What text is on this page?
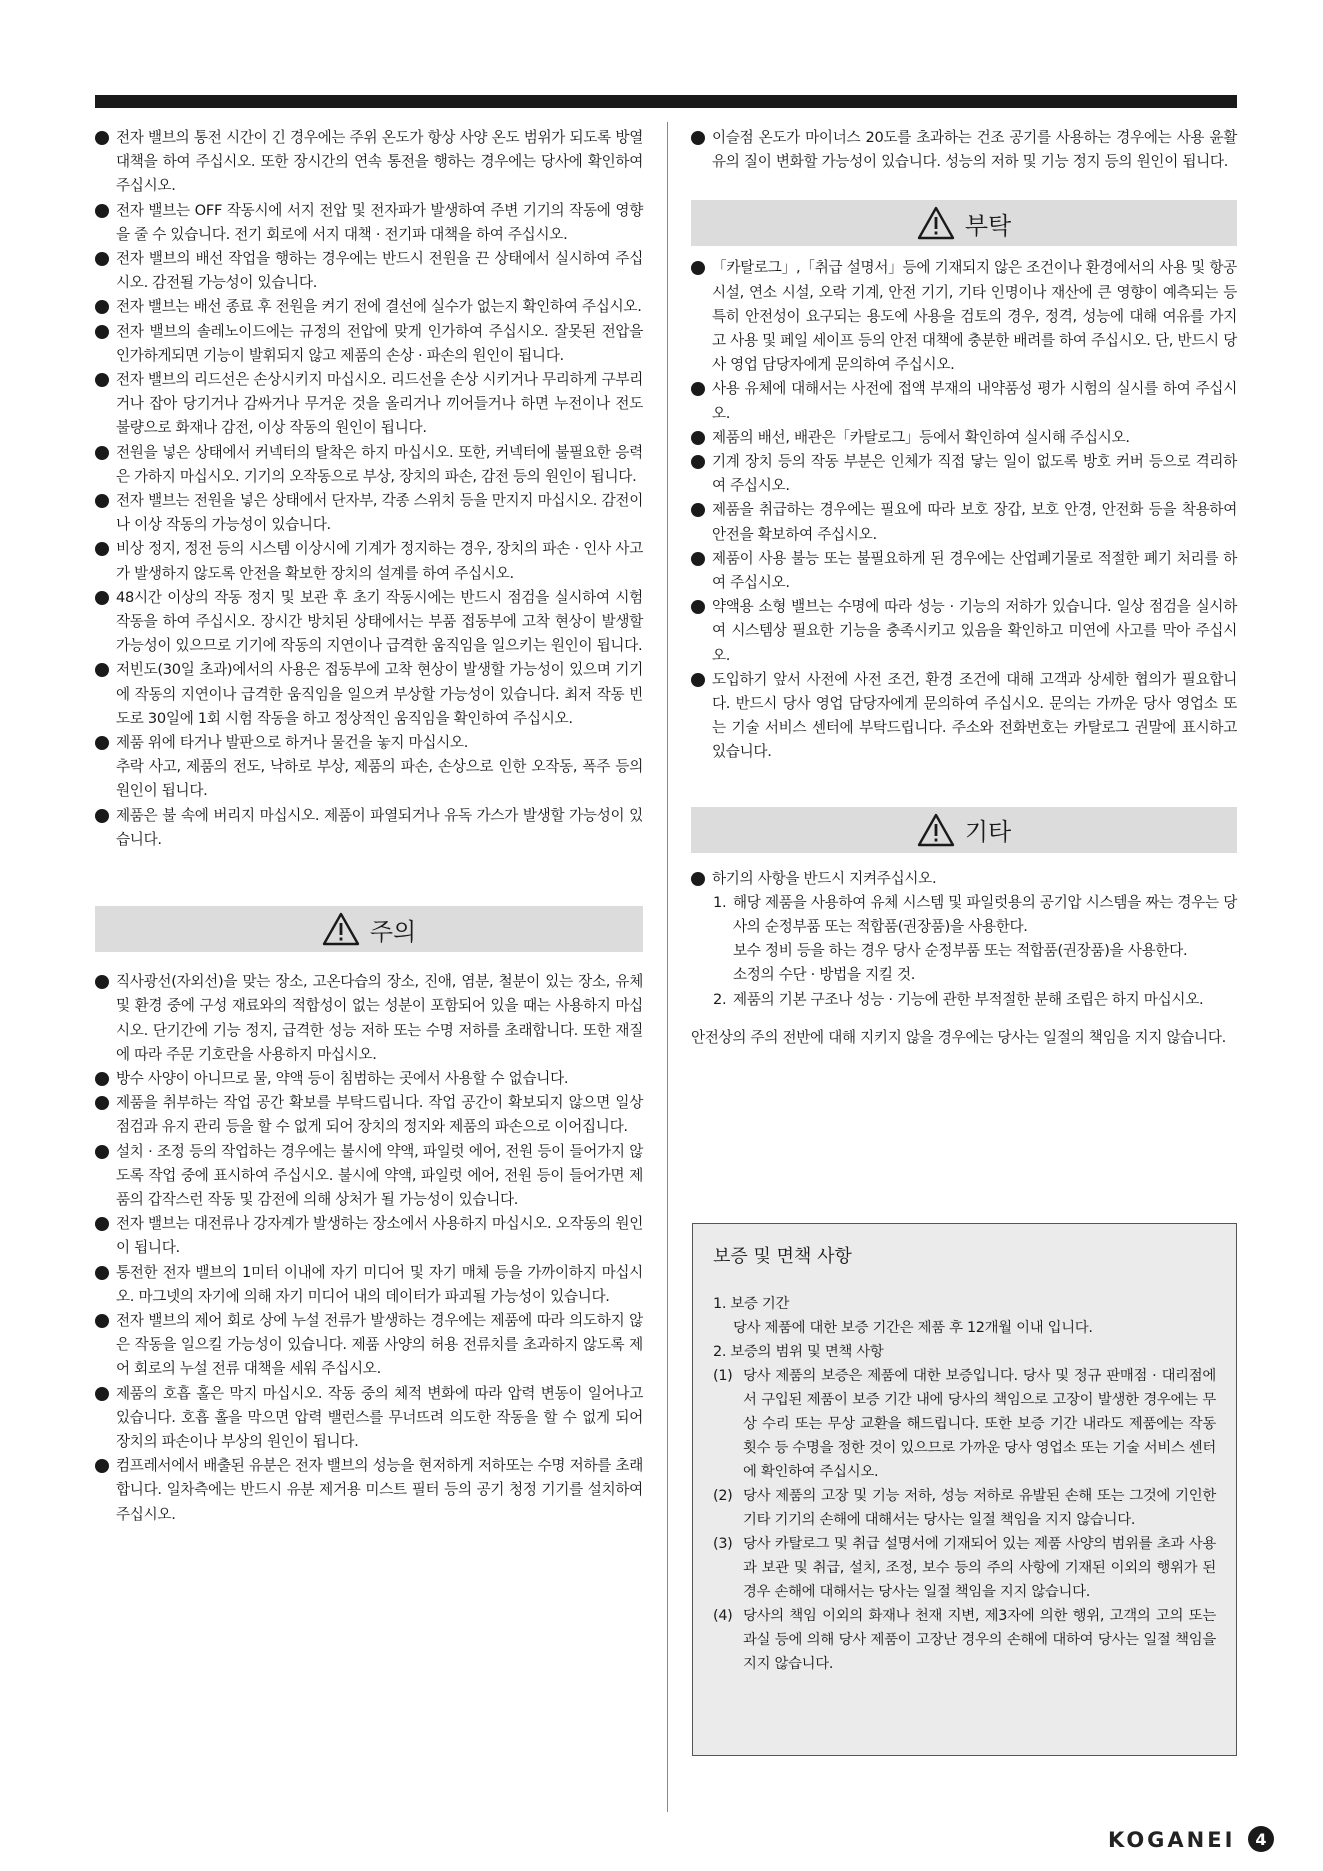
전자 밸브의 통전 시간이 긴 경우에는 주위 온도가 항상 사양 온도 범위가 되도록 방열 대책을 하여 주십시오. 또한 장시간의 연속 통전을 행하는 경우에는 당사에 확인하여 주십시오.
전자 밸브는 OFF 작동시에 서지 전압 및 전자파가 발생하여 주변 기기의 작동에 영향을 줄 수 있습니다. 전기 회로에 서지 대책 · 전기파 대책을 하여 주십시오.
전자 밸브의 배선 작업을 행하는 경우에는 반드시 전원을 끈 상태에서 실시하여 주십시오. 감전될 가능성이 있습니다.
전자 밸브는 배선 종료 후 전원을 켜기 전에 결선에 실수가 없는지 확인하여 주십시오.
전자 밸브의 솔레노이드에는 규정의 전압에 맞게 인가하여 주십시오. 잘못된 전압을 인가하게되면 기능이 발휘되지 않고 제품의 손상 · 파손의 원인이 됩니다.
전자 밸브의 리드선은 손상시키지 마십시오. 리드선을 손상 시키거나 무리하게 구부리거나 잡아 당기거나 감싸거나 무거운 것을 올리거나 끼어들거나 하면 누전이나 전도 불량으로 화재나 감전, 이상 작동의 원인이 됩니다.
전원을 넣은 상태에서 커넥터의 탈착은 하지 마십시오. 또한, 커넥터에 불필요한 응력은 가하지 마십시오. 기기의 오작동으로 부상, 장치의 파손, 감전 등의 원인이 됩니다.
전자 밸브는 전원을 넣은 상태에서 단자부, 각종 스위치 등을 만지지 마십시오. 감전이나 이상 작동의 가능성이 있습니다.
비상 정지, 정전 등의 시스템 이상시에 기계가 정지하는 경우, 장치의 파손 · 인사 사고가 발생하지 않도록 안전을 확보한 장치의 설계를 하여 주십시오.
48시간 이상의 작동 정지 및 보관 후 초기 작동시에는 반드시 점검을 실시하여 시험 작동을 하여 주십시오. 장시간 방치된 상태에서는 부품 접동부에 고착 현상이 발생할 가능성이 있으므로 기기에 작동의 지연이나 급격한 움직임을 일으키는 원인이 됩니다.
저빈도(30일 초과)에서의 사용은 접동부에 고착 현상이 발생할 가능성이 있으며 기기에 작동의 지연이나 급격한 움직임을 일으켜 부상할 가능성이 있습니다. 최저 작동 빈도로 30일에 1회 시험 작동을 하고 정상적인 움직임을 확인하여 주십시오.
제품 위에 타거나 발판으로 하거나 물건을 놓지 마십시오.
추락 사고, 제품의 전도, 낙하로 부상, 제품의 파손, 손상으로 인한 오작동, 폭주 등의 원인이 됩니다.
제품은 불 속에 버리지 마십시오. 제품이 파열되거나 유독 가스가 발생할 가능성이 있습니다.
주의
직사광선(자외선)을 맞는 장소, 고온다습의 장소, 진애, 염분, 철분이 있는 장소, 유체 및 환경 중에 구성 재료와의 적합성이 없는 성분이 포함되어 있을 때는 사용하지 마십시오. 단기간에 기능 정지, 급격한 성능 저하 또는 수명 저하를 초래합니다. 또한 재질에 따라 주문 기호란을 사용하지 마십시오.
방수 사양이 아니므로 물, 약액 등이 침범하는 곳에서 사용할 수 없습니다.
제품을 취부하는 작업 공간 확보를 부탁드립니다. 작업 공간이 확보되지 않으면 일상 점검과 유지 관리 등을 할 수 없게 되어 장치의 정지와 제품의 파손으로 이어집니다.
설치 · 조정 등의 작업하는 경우에는 불시에 약액, 파일럿 에어, 전원 등이 들어가지 않도록 작업 중에 표시하여 주십시오. 불시에 약액, 파일럿 에어, 전원 등이 들어가면 제품의 갑작스런 작동 및 감전에 의해 상처가 될 가능성이 있습니다.
전자 밸브는 대전류나 강자계가 발생하는 장소에서 사용하지 마십시오. 오작동의 원인이 됩니다.
통전한 전자 밸브의 1미터 이내에 자기 미디어 및 자기 매체 등을 가까이하지 마십시오. 마그넷의 자기에 의해 자기 미디어 내의 데이터가 파괴될 가능성이 있습니다.
전자 밸브의 제어 회로 상에 누설 전류가 발생하는 경우에는 제품에 따라 의도하지 않은 작동을 일으킬 가능성이 있습니다. 제품 사양의 허용 전류치를 초과하지 않도록 제어 회로의 누설 전류 대책을 세워 주십시오.
제품의 호흡 홀은 막지 마십시오. 작동 중의 체적 변화에 따라 압력 변동이 일어나고 있습니다. 호흡 홀을 막으면 압력 밸런스를 무너뜨려 의도한 작동을 할 수 없게 되어 장치의 파손이나 부상의 원인이 됩니다.
컴프레서에서 배출된 유분은 전자 밸브의 성능을 현저하게 저하또는 수명 저하를 초래합니다. 일차측에는 반드시 유분 제거용 미스트 필터 등의 공기 청정 기기를 설치하여 주십시오.
이슬점 온도가 마이너스 20도를 초과하는 건조 공기를 사용하는 경우에는 사용 윤활유의 질이 변화할 가능성이 있습니다. 성능의 저하 및 기능 정지 등의 원인이 됩니다.
부탁
「카탈로그」,「취급 설명서」등에 기재되지 않은 조건이나 환경에서의 사용 및 항공 시설, 연소 시설, 오락 기계, 안전 기기, 기타 인명이나 재산에 큰 영향이 예측되는 등 특히 안전성이 요구되는 용도에 사용을 검토의 경우, 정격, 성능에 대해 여유를 가지고 사용 및 페일 세이프 등의 안전 대책에 충분한 배려를 하여 주십시오. 단, 반드시 당사 영업 담당자에게 문의하여 주십시오.
사용 유체에 대해서는 사전에 접액 부재의 내약품성 평가 시험의 실시를 하여 주십시오.
제품의 배선, 배관은「카탈로그」등에서 확인하여 실시해 주십시오.
기계 장치 등의 작동 부분은 인체가 직접 닿는 일이 없도록 방호 커버 등으로 격리하여 주십시오.
제품을 취급하는 경우에는 필요에 따라 보호 장갑, 보호 안경, 안전화 등을 착용하여 안전을 확보하여 주십시오.
제품이 사용 불능 또는 불필요하게 된 경우에는 산업폐기물로 적절한 폐기 처리를 하여 주십시오.
약액용 소형 밸브는 수명에 따라 성능 · 기능의 저하가 있습니다. 일상 점검을 실시하여 시스템상 필요한 기능을 충족시키고 있음을 확인하고 미연에 사고를 막아 주십시오.
도입하기 앞서 사전에 사전 조건, 환경 조건에 대해 고객과 상세한 협의가 필요합니다. 반드시 당사 영업 담당자에게 문의하여 주십시오. 문의는 가까운 당사 영업소 또는 기술 서비스 센터에 부탁드립니다. 주소와 전화번호는 카탈로그 권말에 표시하고 있습니다.
기타
하기의 사항을 반드시 지켜주십시오.
1. 해당 제품을 사용하여 유체 시스템 및 파일럿용의 공기압 시스템을 짜는 경우는 당사의 순정부품 또는 적합품(권장품)을 사용한다.
보수 정비 등을 하는 경우 당사 순정부품 또는 적합품(권장품)을 사용한다.
소정의 수단 · 방법을 지킬 것.
2. 제품의 기본 구조나 성능 · 기능에 관한 부적절한 분해 조립은 하지 마십시오.

안전상의 주의 전반에 대해 지키지 않을 경우에는 당사는 일절의 책임을 지지 않습니다.

보증 및 면책 사항
1. 보증 기간
당사 제품에 대한 보증 기간은 제품 후 12개월 이내 입니다.
2. 보증의 범위 및 면책 사항
(1) 당사 제품의 보증은 제품에 대한 보증입니다. 당사 및 정규 판매점 · 대리점에서 구입된 제품이 보증 기간 내에 당사의 책임으로 고장이 발생한 경우에는 무상 수리 또는 무상 교환을 해드립니다. 또한 보증 기간 내라도 제품에는 작동 횟수 등 수명을 정한 것이 있으므로 가까운 당사 영업소 또는 기술 서비스 센터에 확인하여 주십시오.
(2) 당사 제품의 고장 및 기능 저하, 성능 저하로 유발된 손해 또는 그것에 기인한 기타 기기의 손해에 대해서는 당사는 일절 책임을 지지 않습니다.
(3) 당사 카탈로그 및 취급 설명서에 기재되어 있는 제품 사양의 범위를 초과 사용과 보관 및 취급, 설치, 조정, 보수 등의 주의 사항에 기재된 이외의 행위가 된 경우 손해에 대해서는 당사는 일절 책임을 지지 않습니다.
(4) 당사의 책임 이외의 화재나 천재 지변, 제3자에 의한 행위, 고객의 고의 또는 과실 등에 의해 당사 제품이 고장난 경우의 손해에 대하여 당사는 일절 책임을 지지 않습니다.
KOGANEI	4
